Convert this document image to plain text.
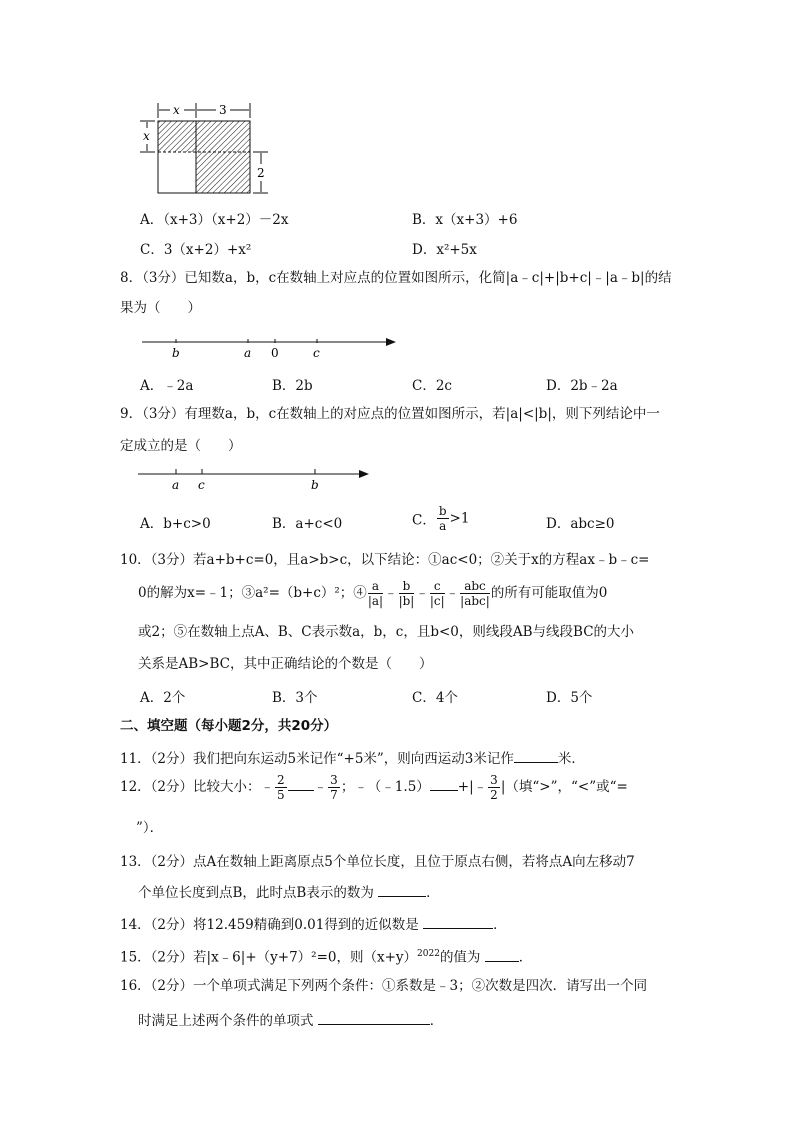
x	3
x
2
A．（x+3）（x+2）－2x	B．x（x+3）+6
C．3（x+2）+x²	D．x²+5x
8．（3分）已知数a，b，c在数轴上对应点的位置如图所示，化简|a﹣c|+|b+c|﹣|a﹣b|的结
果为（　　）
b	a 0	c
A．﹣2a	B．2b	C．2c	D．2b﹣2a
9．（3分）有理数a，b，c在数轴上的对应点的位置如图所示，若|a|<|b|，则下列结论中一
定成立的是（　　）
a c	b
A．b+c>0	B．a+c<0	C． $\frac{b}{a} >1$	D．abc≥0
10．（3分）若a+b+c=0，且a>b>c，以下结论：①ac<0；②关于x的方程ax﹣b﹣c=
0的解为x=﹣1；③a²=（b+c）²；④ $\frac{a}{|a|}$ ﹣ $\frac{b}{|b|}$ ﹣ $\frac{c}{|c|}$ ﹣ $\frac{\text{abc}}{\text{|abc|}}$ 的所有可能取值为0
或2；⑤在数轴上点A、B、C表示数a，b，c，且b<0，则线段AB与线段BC的大小
关系是AB>BC，其中正确结论的个数是（　　）
A．2个	B．3个	C．4个	D．5个
二、填空题（每小题2分，共20分）
11．（2分）我们把向东运动5米记作“+5米”，则向西运动3米记作	米．
12．（2分）比较大小：﹣ $\frac{2}{5}$ ﹣ $\frac{3}{7}$ ；﹣（﹣1.5） +|﹣ $\frac{3}{2}$ |（填“>”，“<”或“=
”）．
13．（2分）点A在数轴上距离原点5个单位长度，且位于原点右侧，若将点A向左移动7
个单位长度到点B，此时点B表示的数为	．
14．（2分）将12.459精确到0.01得到的近似数是	．
15．（2分）若|x﹣6|+（y+7）²=0，则$(x+y)^{2022}$的值为	．
16．（2分）一个单项式满足下列两个条件：①系数是﹣3；②次数是四次．请写出一个同
时满足上述两个条件的单项式	．
